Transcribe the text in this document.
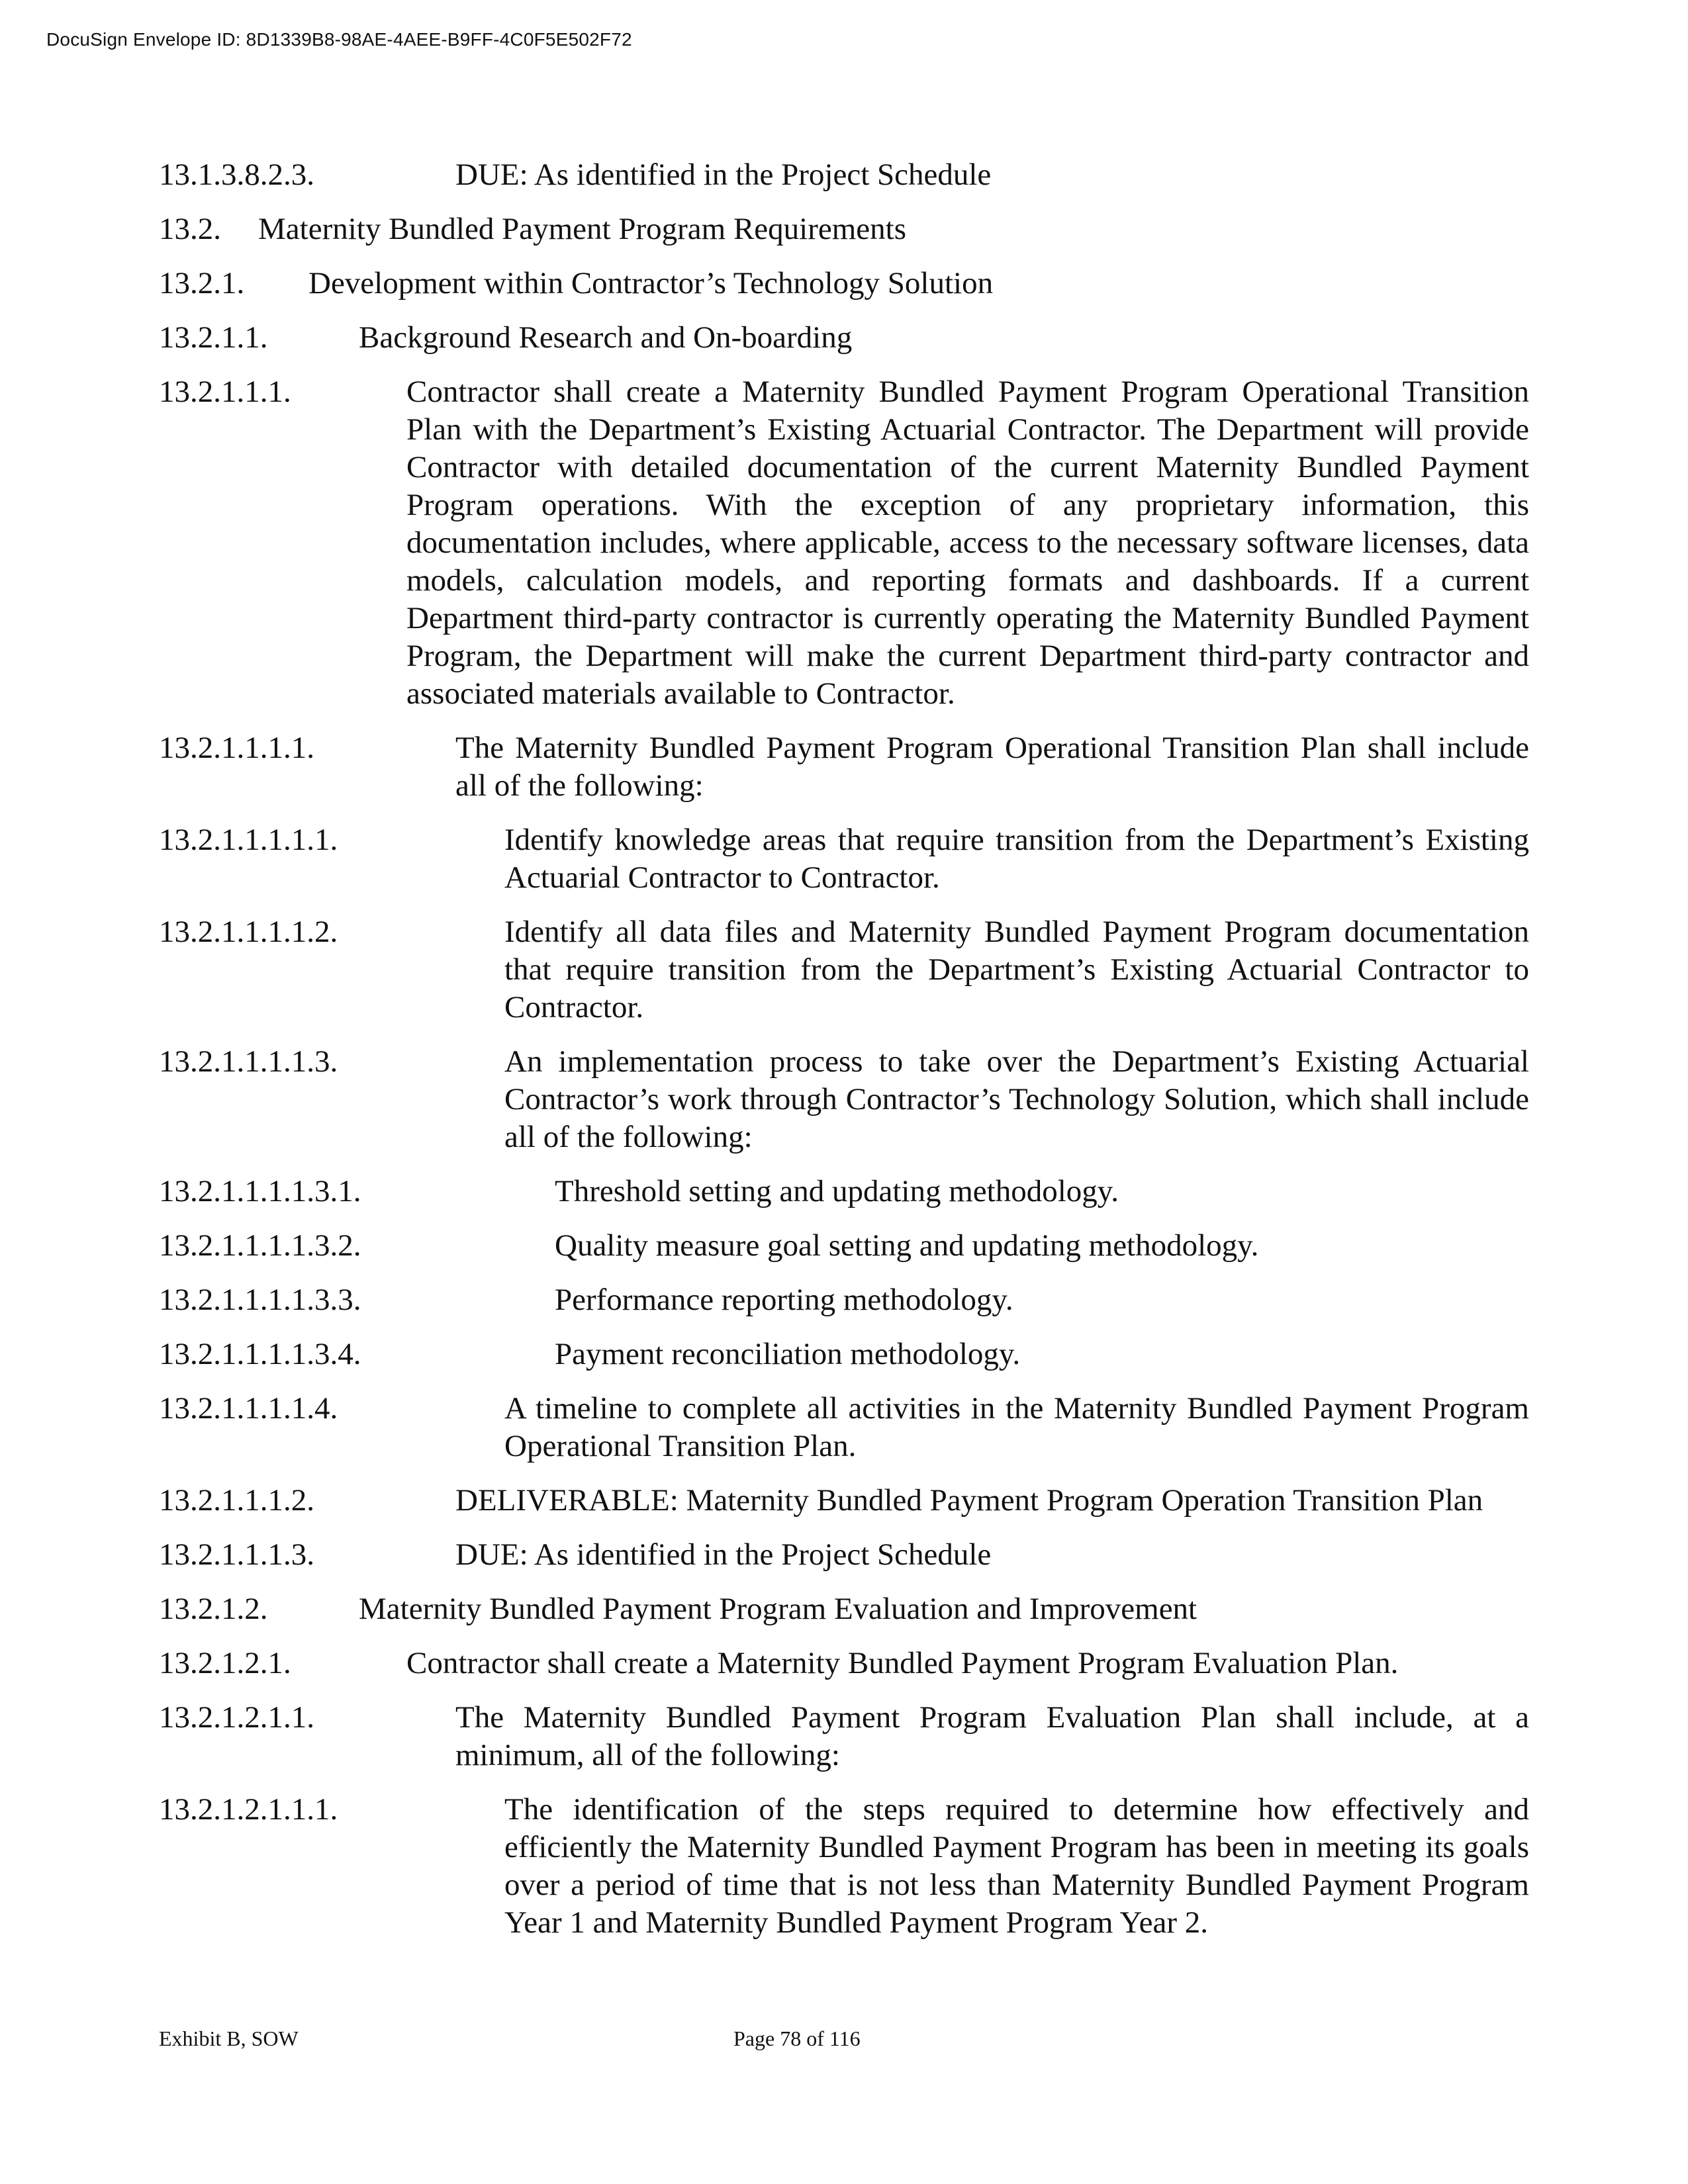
DocuSign Envelope ID: 8D1339B8-98AE-4AEE-B9FF-4C0F5E502F72
13.1.3.8.2.3.	DUE: As identified in the Project Schedule
13.2. Maternity Bundled Payment Program Requirements
13.2.1. Development within Contractor’s Technology Solution
13.2.1.1.	Background Research and On-boarding
13.2.1.1.1.	Contractor shall create a Maternity Bundled Payment Program Operational Transition Plan with the Department’s Existing Actuarial Contractor. The Department will provide Contractor with detailed documentation of the current Maternity Bundled Payment Program operations. With the exception of any proprietary information, this documentation includes, where applicable, access to the necessary software licenses, data models, calculation models, and reporting formats and dashboards. If a current Department third-party contractor is currently operating the Maternity Bundled Payment Program, the Department will make the current Department third-party contractor and associated materials available to Contractor.
13.2.1.1.1.1.	The Maternity Bundled Payment Program Operational Transition Plan shall include all of the following:
13.2.1.1.1.1.1.	Identify knowledge areas that require transition from the Department’s Existing Actuarial Contractor to Contractor.
13.2.1.1.1.1.2.	Identify all data files and Maternity Bundled Payment Program documentation that require transition from the Department’s Existing Actuarial Contractor to Contractor.
13.2.1.1.1.1.3.	An implementation process to take over the Department’s Existing Actuarial Contractor’s work through Contractor’s Technology Solution, which shall include all of the following:
13.2.1.1.1.1.3.1.	Threshold setting and updating methodology.
13.2.1.1.1.1.3.2.	Quality measure goal setting and updating methodology.
13.2.1.1.1.1.3.3.	Performance reporting methodology.
13.2.1.1.1.1.3.4.	Payment reconciliation methodology.
13.2.1.1.1.1.4.	A timeline to complete all activities in the Maternity Bundled Payment Program Operational Transition Plan.
13.2.1.1.1.2.	DELIVERABLE: Maternity Bundled Payment Program Operation Transition Plan
13.2.1.1.1.3.	DUE: As identified in the Project Schedule
13.2.1.2.	Maternity Bundled Payment Program Evaluation and Improvement
13.2.1.2.1.	Contractor shall create a Maternity Bundled Payment Program Evaluation Plan.
13.2.1.2.1.1.	The Maternity Bundled Payment Program Evaluation Plan shall include, at a minimum, all of the following:
13.2.1.2.1.1.1.	The identification of the steps required to determine how effectively and efficiently the Maternity Bundled Payment Program has been in meeting its goals over a period of time that is not less than Maternity Bundled Payment Program Year 1 and Maternity Bundled Payment Program Year 2.
Exhibit B, SOW	Page 78 of 116
